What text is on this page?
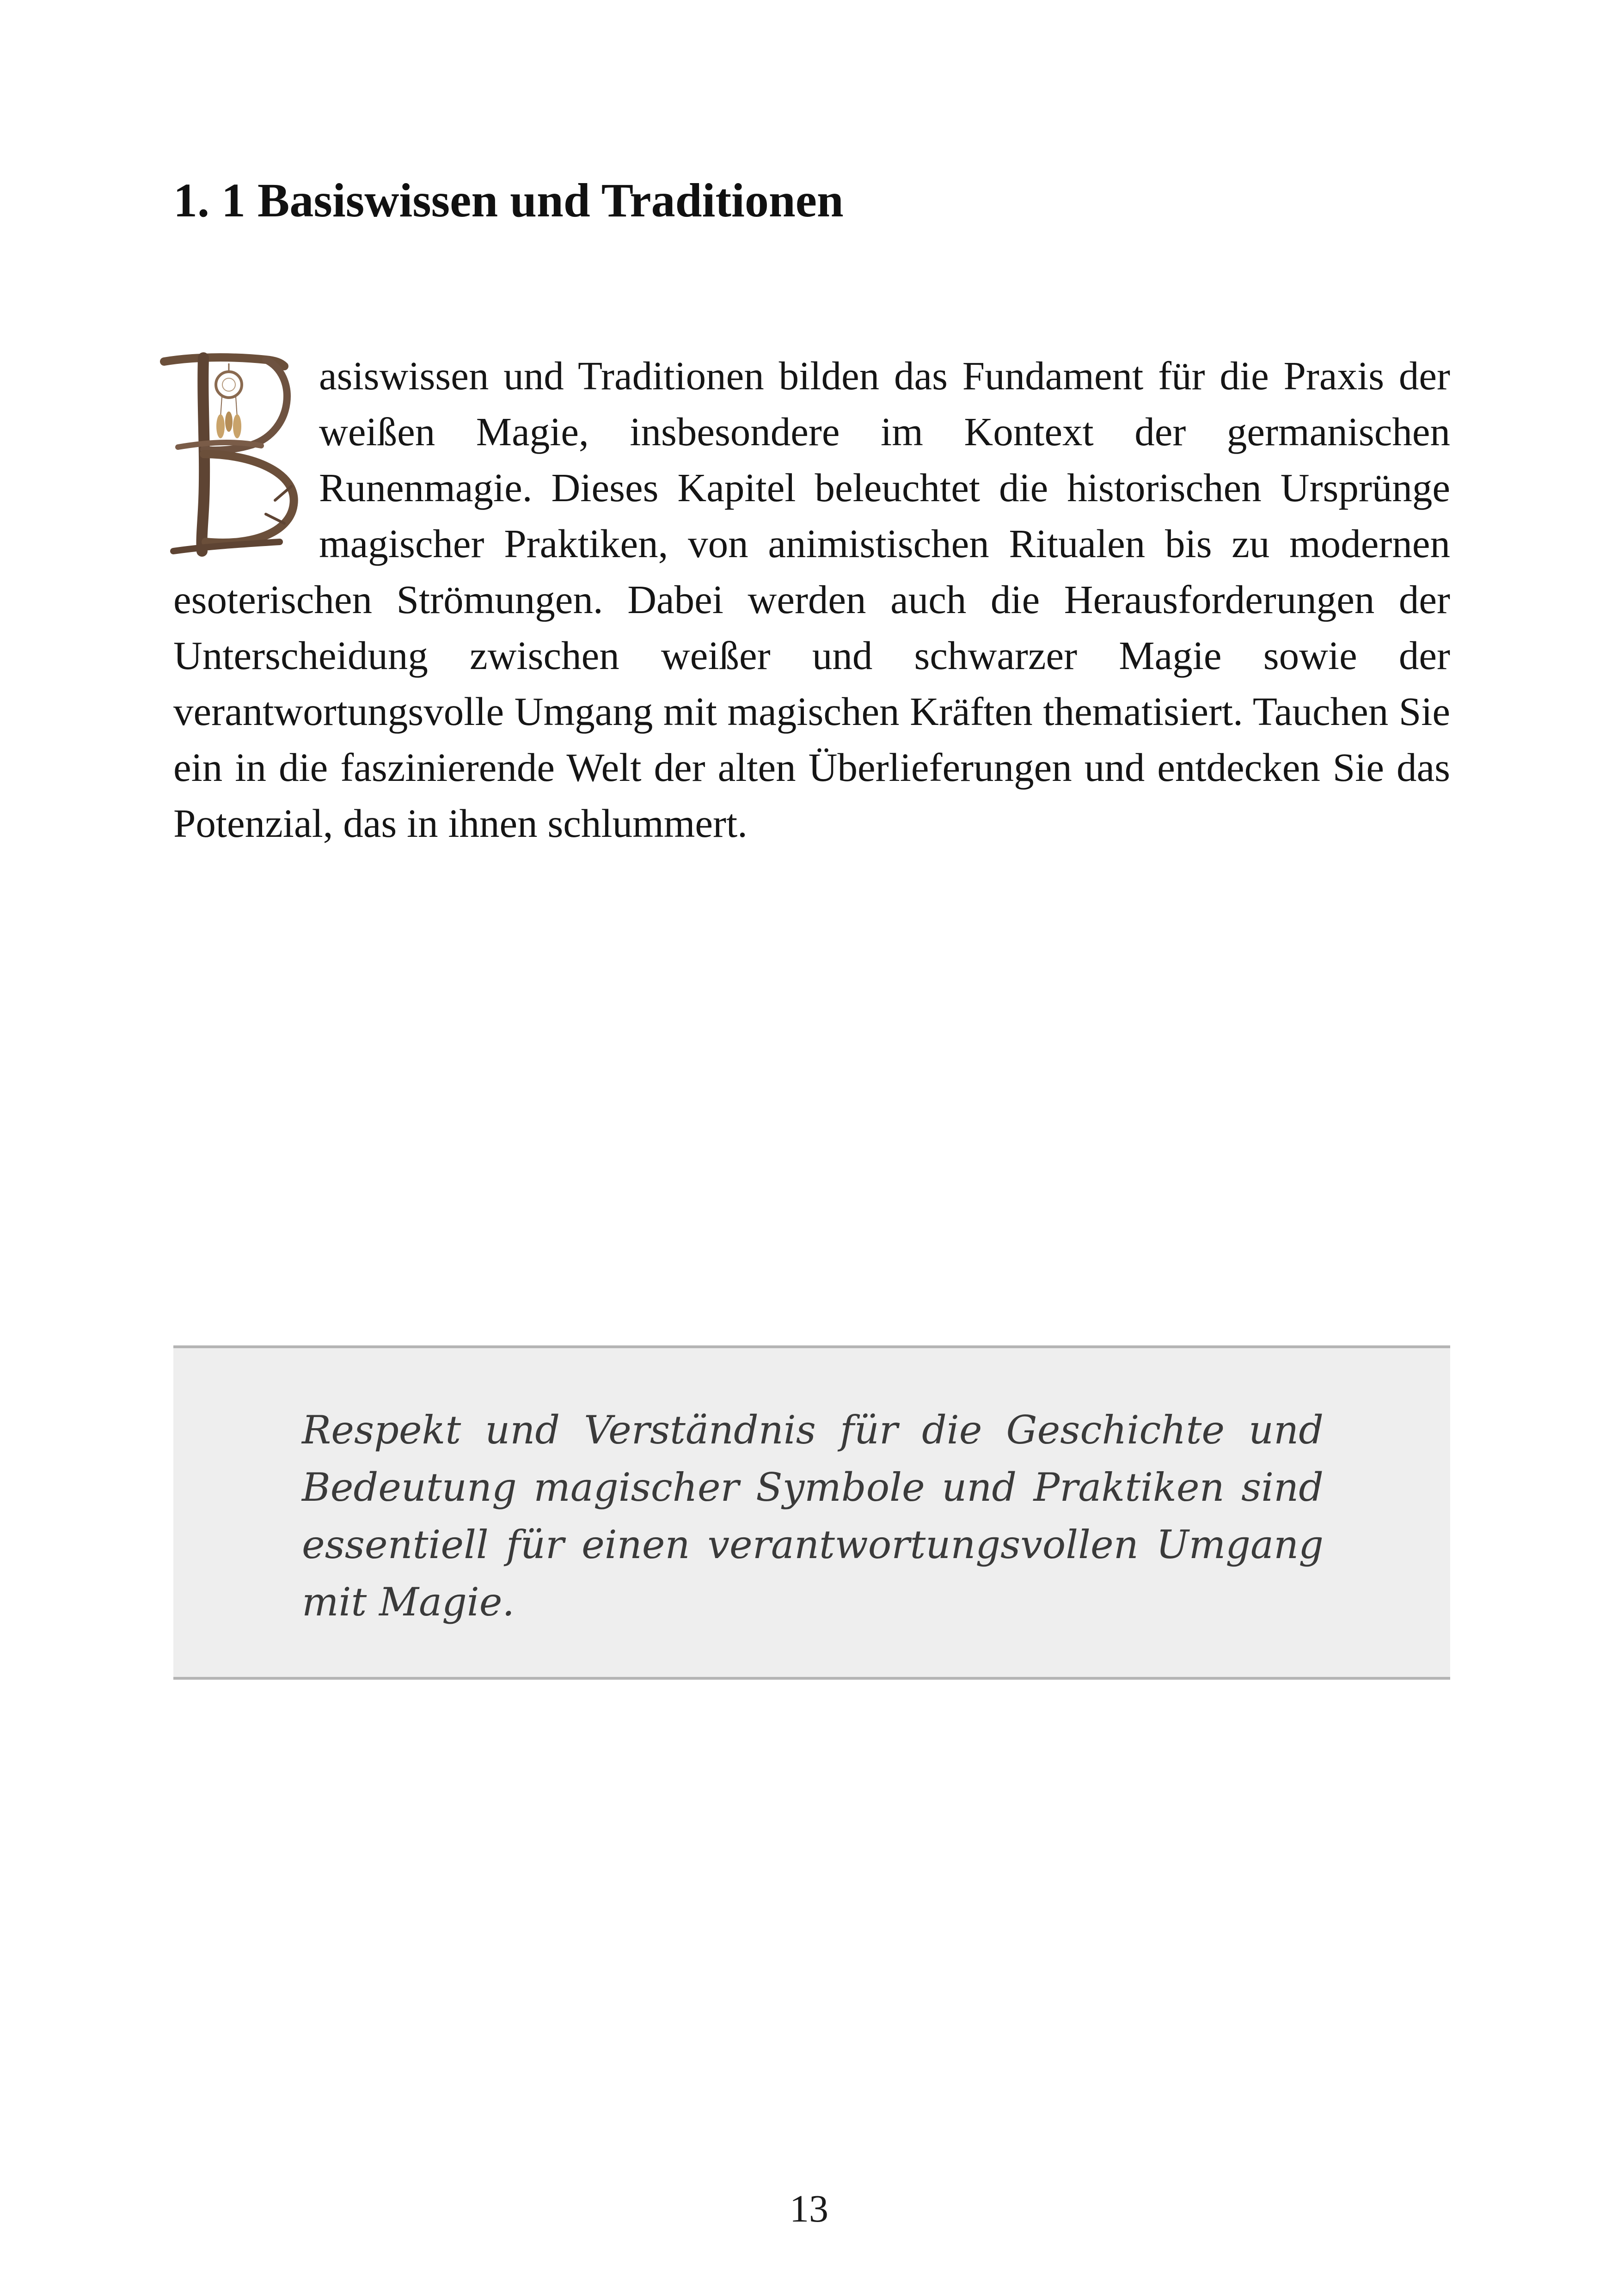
1. 1 Basiswissen und Traditionen

asiswissen und Traditionen bilden das Fundament für die Praxis der weißen Magie, insbesondere im Kontext der germanischen Runenmagie. Dieses Kapitel beleuchtet die historischen Ursprünge magischer Praktiken, von animistischen Ritualen bis zu modernen esoterischen Strömungen. Dabei werden auch die Herausforderungen der Unterscheidung zwischen weißer und schwarzer Magie sowie der verantwortungsvolle Umgang mit magischen Kräften thematisiert. Tauchen Sie ein in die faszinierende Welt der alten Überlieferungen und entdecken Sie das Potenzial, das in ihnen schlummert.

Respekt und Verständnis für die Geschichte und Bedeutung magischer Symbole und Praktiken sind essentiell für einen verantwortungsvollen Umgang mit Magie.

13
